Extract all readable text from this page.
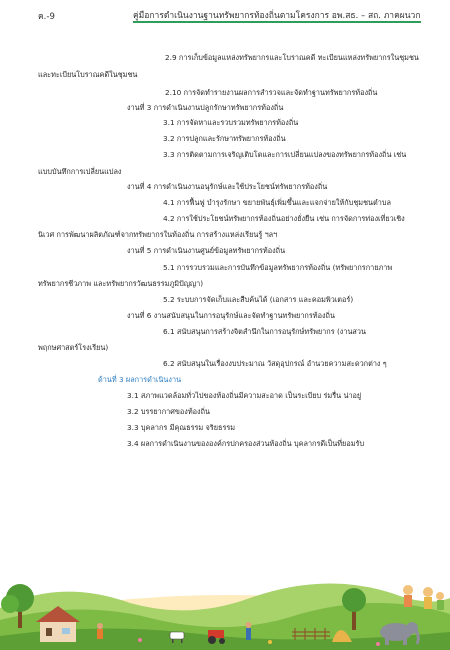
ค.-9	คู่มือการดำเนินงานฐานทรัพยากรท้องถิ่นตามโครงการ อพ.สธ. – สถ. ภาคผนวก
2.9 การเก็บข้อมูลแหล่งทรัพยากรและโบราณคดี ทะเบียนแหล่งทรัพยากรในชุมชน
และทะเบียนโบราณคดีในชุมชน
2.10 การจัดทำรายงานผลการสำรวจและจัดทำฐานทรัพยากรท้องถิ่น
งานที่ 3 การดำเนินงานปลูกรักษาทรัพยากรท้องถิ่น
3.1 การจัดหาและรวบรวมทรัพยากรท้องถิ่น
3.2 การปลูกและรักษาทรัพยากรท้องถิ่น
3.3 การติดตามการเจริญเติบโตและการเปลี่ยนแปลงของทรัพยากรท้องถิ่น เช่น
แบบบันทึกการเปลี่ยนแปลง
งานที่ 4 การดำเนินงานอนุรักษ์และใช้ประโยชน์ทรัพยากรท้องถิ่น
4.1 การฟื้นฟู บำรุงรักษา ขยายพันธุ์เพิ่มขึ้นและแจกจ่ายให้กับชุมชนตำบล
4.2 การใช้ประโยชน์ทรัพยากรท้องถิ่นอย่างยั่งยืน เช่น การจัดการท่องเที่ยวเชิง
นิเวศ การพัฒนาผลิตภัณฑ์จากทรัพยากรในท้องถิ่น การสร้างแหล่งเรียนรู้ ฯลฯ
งานที่ 5 การดำเนินงานศูนย์ข้อมูลทรัพยากรท้องถิ่น
5.1 การรวบรวมและการบันทึกข้อมูลทรัพยากรท้องถิ่น (ทรัพยากรกายภาพ
ทรัพยากรชีวภาพ และทรัพยากรวัฒนธรรมภูมิปัญญา)
5.2 ระบบการจัดเก็บและสืบค้นได้ (เอกสาร และคอมพิวเตอร์)
งานที่ 6 งานสนับสนุนในการอนุรักษ์และจัดทำฐานทรัพยากรท้องถิ่น
6.1 สนับสนุนการสร้างจิตสำนึกในการอนุรักษ์ทรัพยากร (งานสวน
พฤกษศาสตร์โรงเรียน)
6.2 สนับสนุนในเรื่องงบประมาณ วัสดุอุปกรณ์ อำนวยความสะดวกต่าง ๆ
ด้านที่ 3 ผลการดำเนินงาน
3.1 สภาพแวดล้อมทั่วไปของท้องถิ่นมีความสะอาด เป็นระเบียบ ร่มรื่น น่าอยู่
3.2 บรรยากาศของท้องถิ่น
3.3 บุคลากร มีคุณธรรม จริยธรรม
3.4 ผลการดำเนินงานขององค์กรปกครองส่วนท้องถิ่น บุคลากรดีเป็นที่ยอมรับ
